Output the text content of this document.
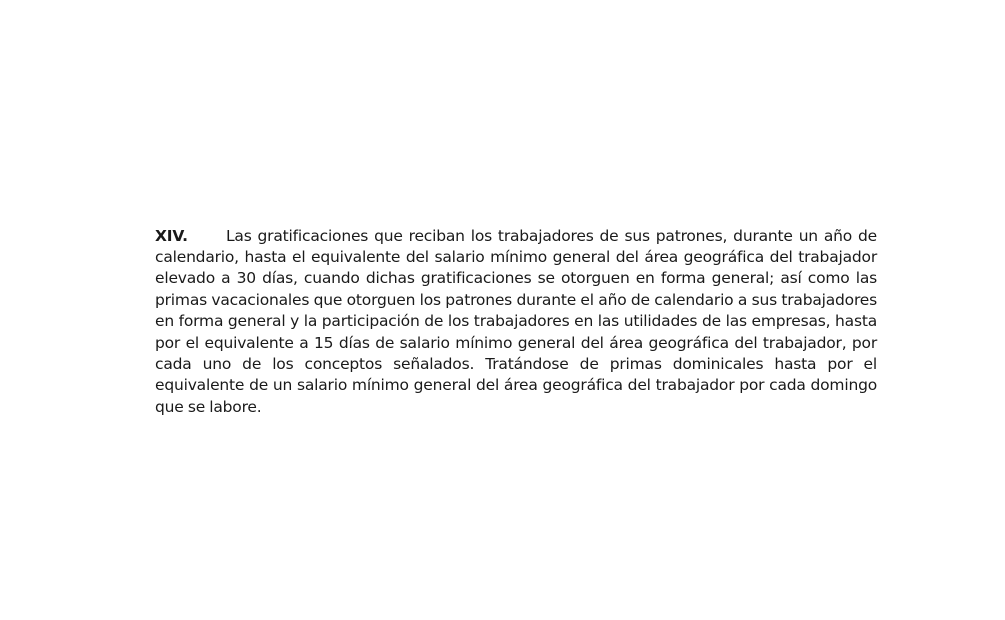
XIV. Las gratificaciones que reciban los trabajadores de sus patrones, durante un año de calendario, hasta el equivalente del salario mínimo general del área geográfica del trabajador elevado a 30 días, cuando dichas gratificaciones se otorguen en forma general; así como las primas vacacionales que otorguen los patrones durante el año de calendario a sus trabajadores en forma general y la participación de los trabajadores en las utilidades de las empresas, hasta por el equivalente a 15 días de salario mínimo general del área geográfica del trabajador, por cada uno de los conceptos señalados. Tratándose de primas dominicales hasta por el equivalente de un salario mínimo general del área geográfica del trabajador por cada domingo que se labore.
